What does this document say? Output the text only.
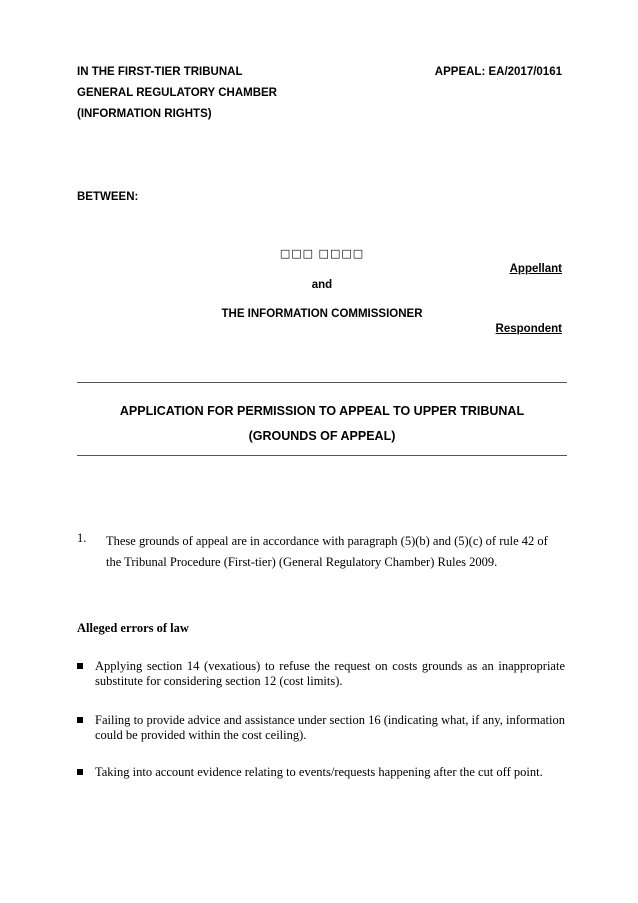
IN THE FIRST-TIER TRIBUNAL	APPEAL: EA/2017/0161
GENERAL REGULATORY CHAMBER
(INFORMATION RIGHTS)
BETWEEN:
□□□ □□□□
Appellant
and
THE INFORMATION COMMISSIONER
Respondent
APPLICATION FOR PERMISSION TO APPEAL TO UPPER TRIBUNAL
(GROUNDS OF APPEAL)
1. These grounds of appeal are in accordance with paragraph (5)(b) and (5)(c) of rule 42 of
the Tribunal Procedure (First-tier) (General Regulatory Chamber) Rules 2009.
Alleged errors of law
Applying section 14 (vexatious) to refuse the request on costs grounds as an inappropriate substitute for considering section 12 (cost limits).
Failing to provide advice and assistance under section 16 (indicating what, if any, information could be provided within the cost ceiling).
Taking into account evidence relating to events/requests happening after the cut off point.
